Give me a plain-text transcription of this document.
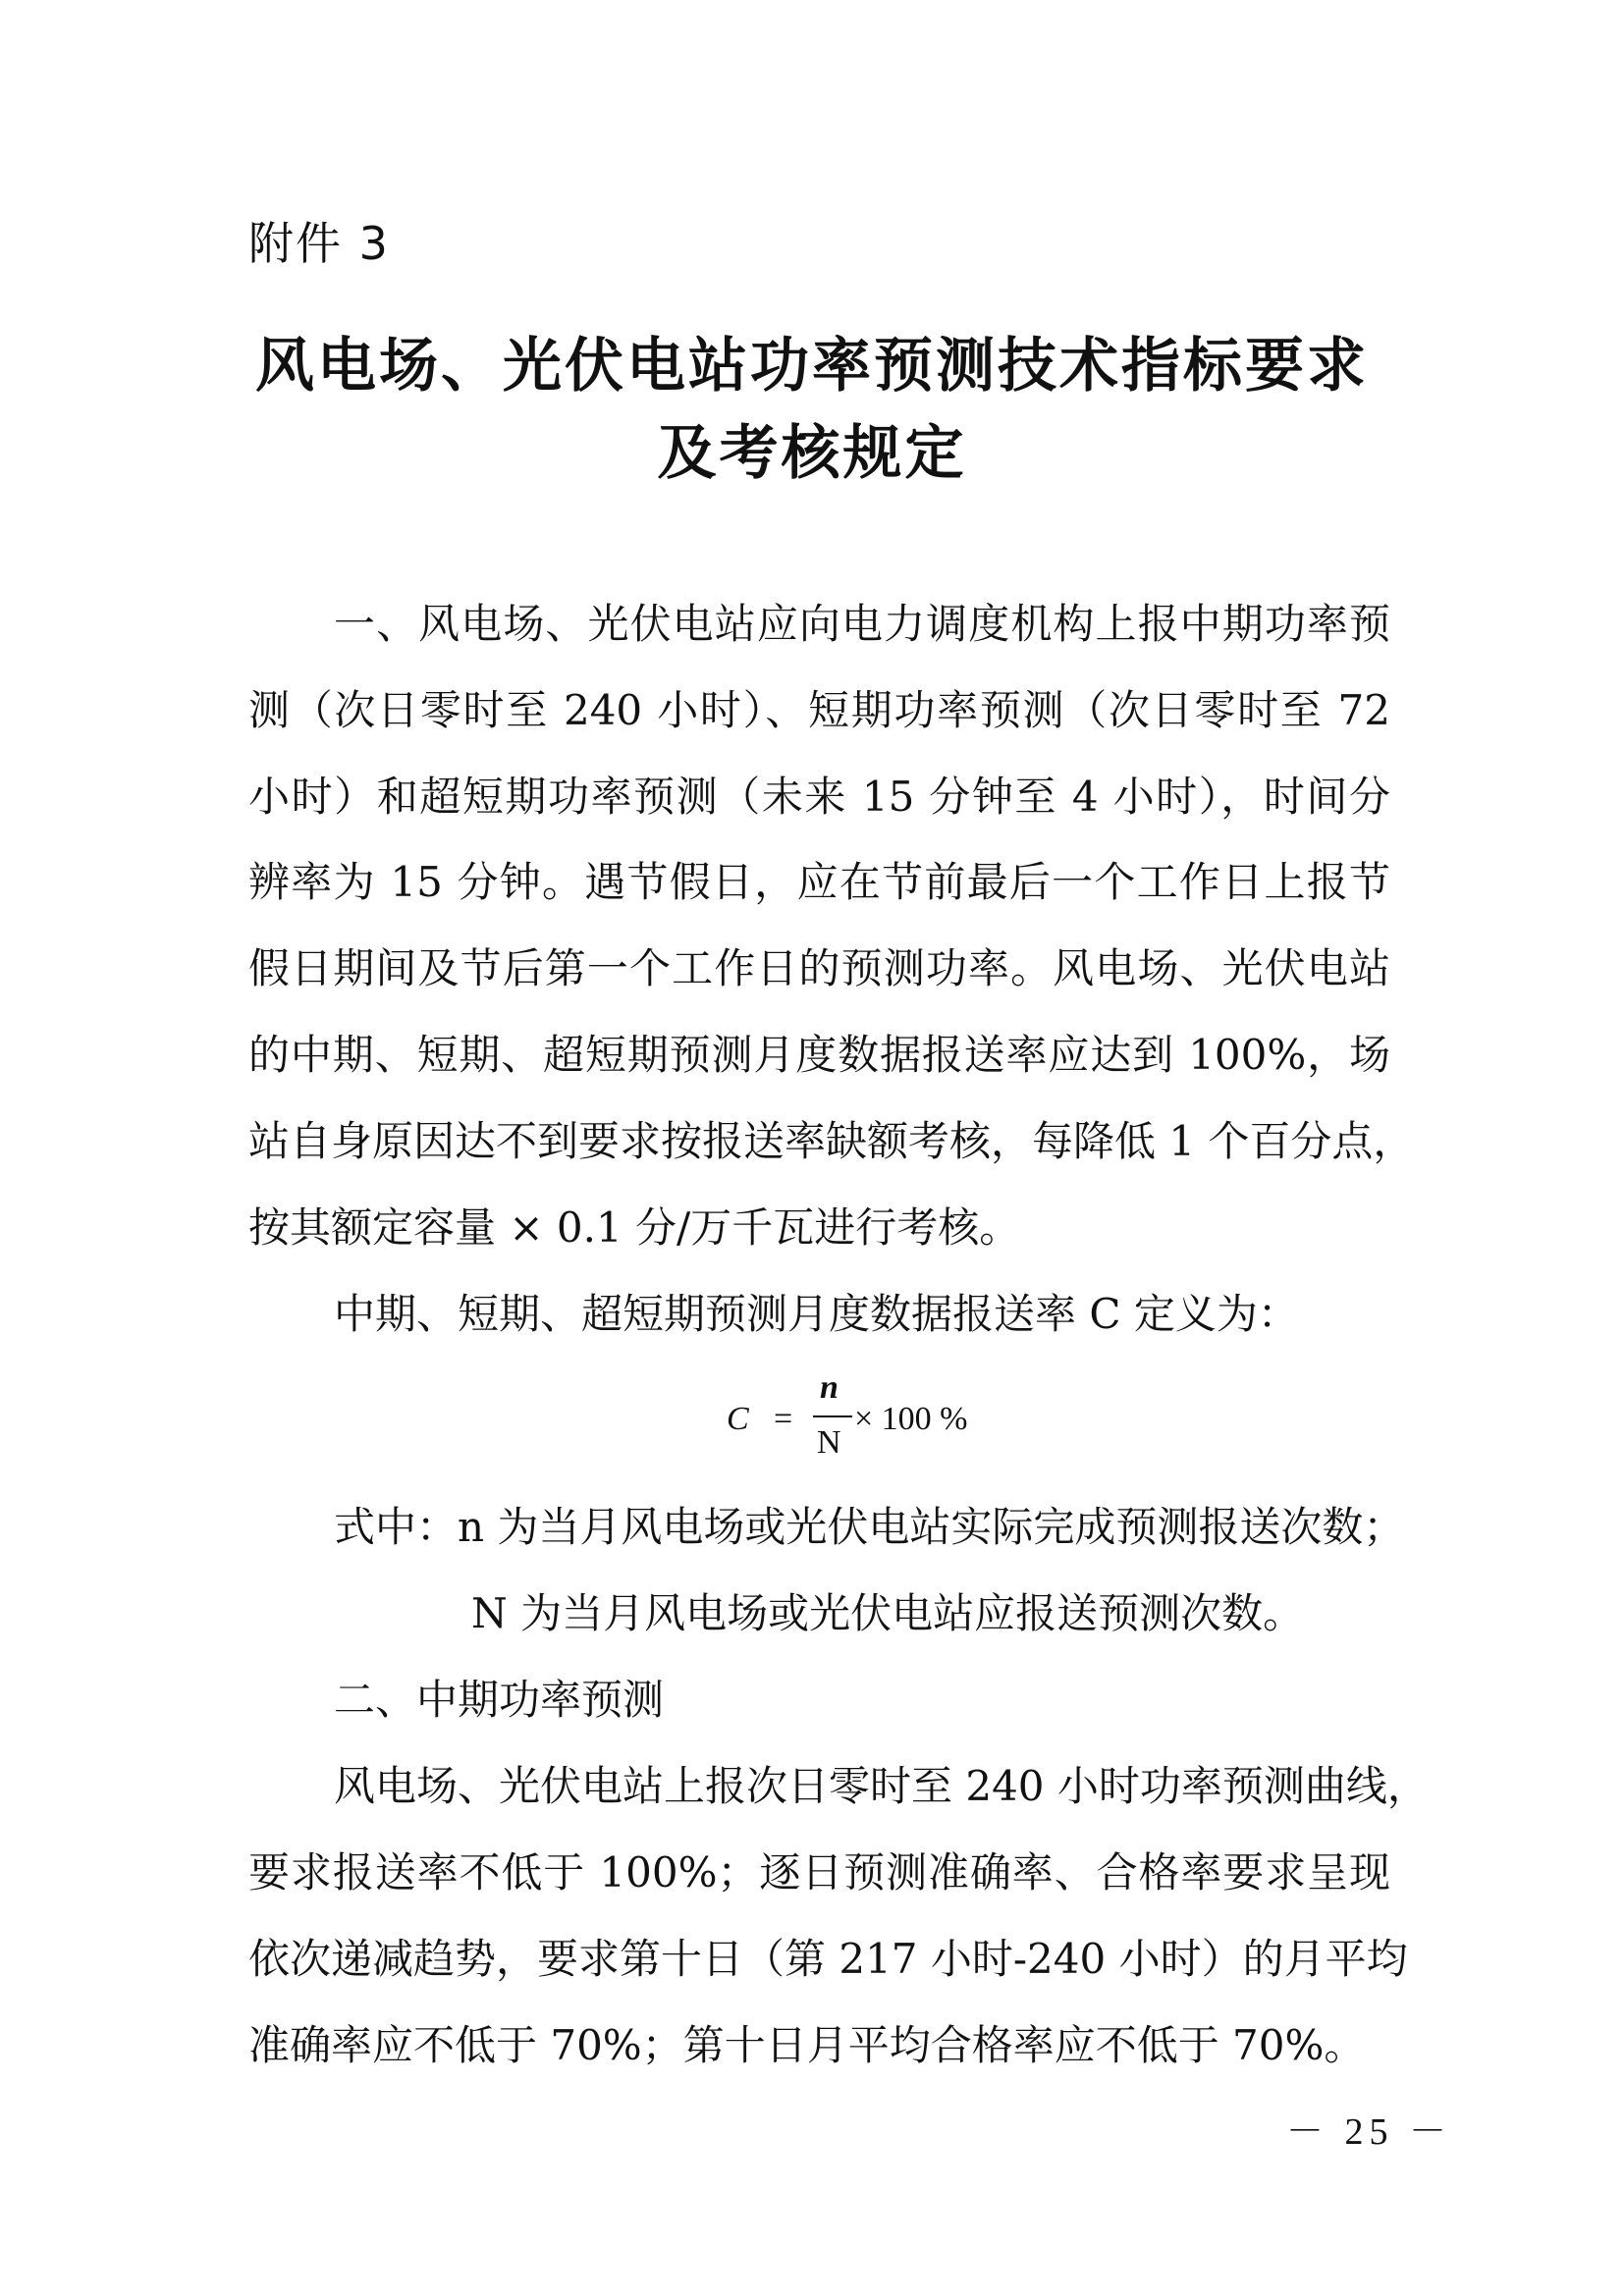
附件 3
风电场、光伏电站功率预测技术指标要求
及考核规定
一、风电场、光伏电站应向电力调度机构上报中期功率预
测（次日零时至 240 小时）、短期功率预测（次日零时至 72
小时）和超短期功率预测（未来 15 分钟至 4 小时），时间分
辨率为 15 分钟。遇节假日，应在节前最后一个工作日上报节
假日期间及节后第一个工作日的预测功率。风电场、光伏电站
的中期、短期、超短期预测月度数据报送率应达到 100%，场
站自身原因达不到要求按报送率缺额考核，每降低 1 个百分点，
按其额定容量 × 0.1 分/万千瓦进行考核。
中期、短期、超短期预测月度数据报送率 C 定义为：
C =
n
N
× 100 %
式中：n 为当月风电场或光伏电站实际完成预测报送次数；
N 为当月风电场或光伏电站应报送预测次数。
二、中期功率预测
风电场、光伏电站上报次日零时至 240 小时功率预测曲线，
要求报送率不低于 100%；逐日预测准确率、合格率要求呈现
依次递减趋势，要求第十日（第 217 小时-240 小时）的月平均
准确率应不低于 70%；第十日月平均合格率应不低于 70%。
－ 25 －
